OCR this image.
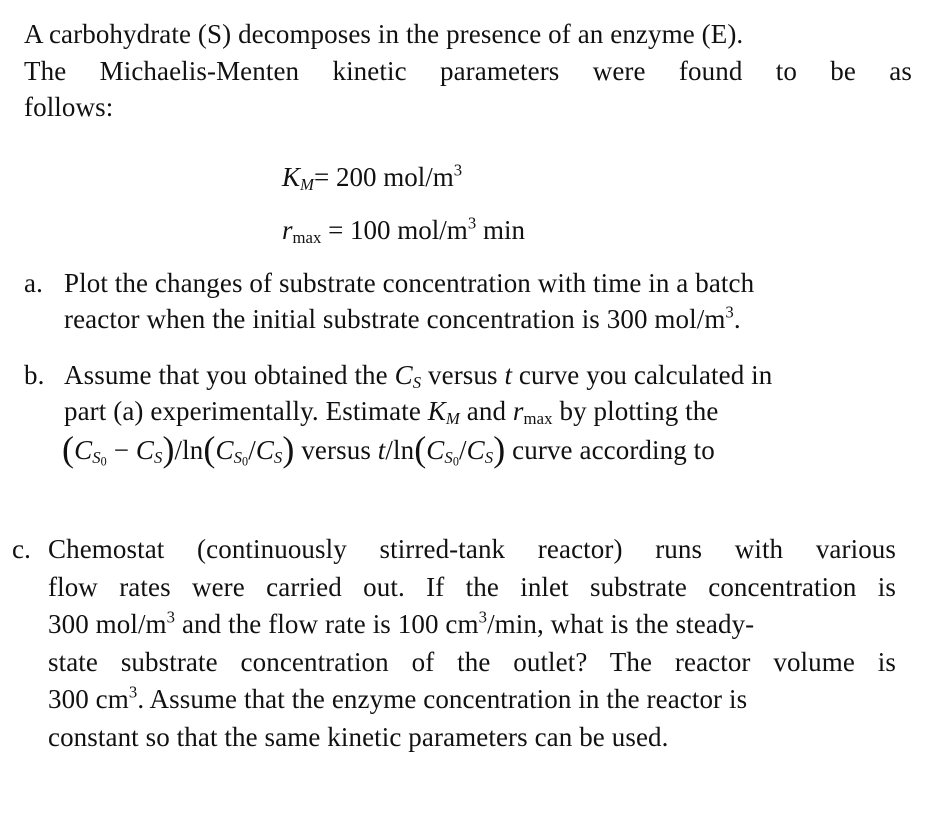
A carbohydrate (S) decomposes in the presence of an enzyme (E).
The Michaelis-Menten kinetic parameters were found to be as
follows:
$K_M= 200$ mol/$m^3$
$r_{max} = 100$ mol/$m^3$ min
a. Plot the changes of substrate concentration with time in a batch
reactor when the initial substrate concentration is 300 mol/$m^3$.
b. Assume that you obtained the $C_S$ versus t curve you calculated in
part (a) experimentally. Estimate $K_M$ and $r_{max}$ by plotting the
$(C_{S0} - C_S)/\ln(C_{S0}/C_S)$ versus $t/\ln(C_{S0}/C_S)$ curve according to
c. Chemostat (continuously stirred-tank reactor) runs with various
flow rates were carried out. If the inlet substrate concentration is
300 mol/$m^3$ and the flow rate is 100 $cm^3/\min$, what is the steady-
state substrate concentration of the outlet? The reactor volume is
300 $cm^3$. Assume that the enzyme concentration in the reactor is
constant so that the same kinetic parameters can be used.
